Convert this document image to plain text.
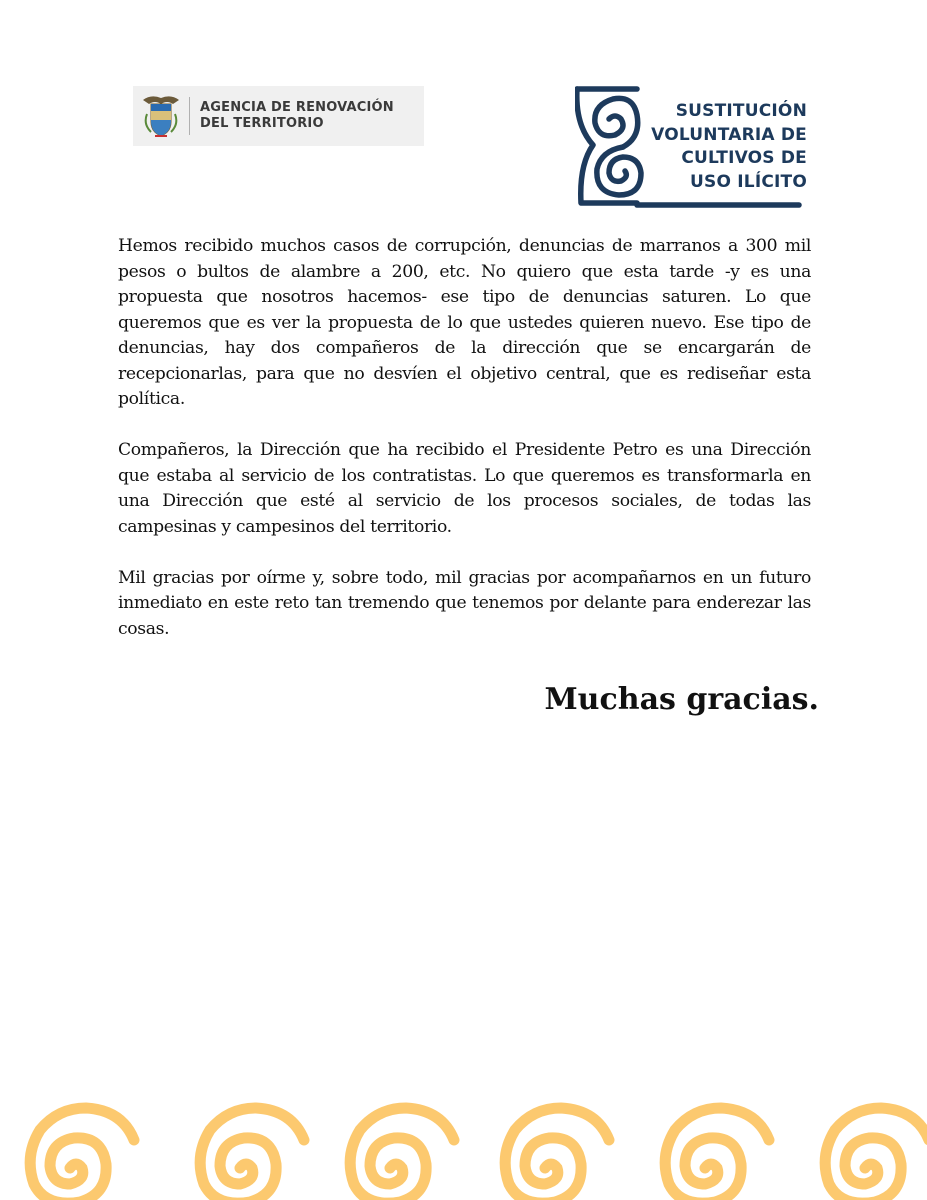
AGENCIA DE RENOVACIÓN
DEL TERRITORIO
SUSTITUCIÓN
VOLUNTARIA DE
CULTIVOS DE
USO ILÍCITO

Hemos recibido muchos casos de corrupción, denuncias de marranos a 300 mil pesos o bultos de alambre a 200, etc. No quiero que esta tarde -y es una propuesta que nosotros hacemos- ese tipo de denuncias saturen. Lo que queremos que es ver la propuesta de lo que ustedes quieren nuevo. Ese tipo de denuncias, hay dos compañeros de la dirección que se encargarán de recepcionarlas, para que no desvíen el objetivo central, que es rediseñar esta política.

Compañeros, la Dirección que ha recibido el Presidente Petro es una Dirección que estaba al servicio de los contratistas. Lo que queremos es transformarla en una Dirección que esté al servicio de los procesos sociales, de todas las campesinas y campesinos del territorio.

Mil gracias por oírme y, sobre todo, mil gracias por acompañarnos en un futuro inmediato en este reto tan tremendo que tenemos por delante para enderezar las cosas.

Muchas gracias.
